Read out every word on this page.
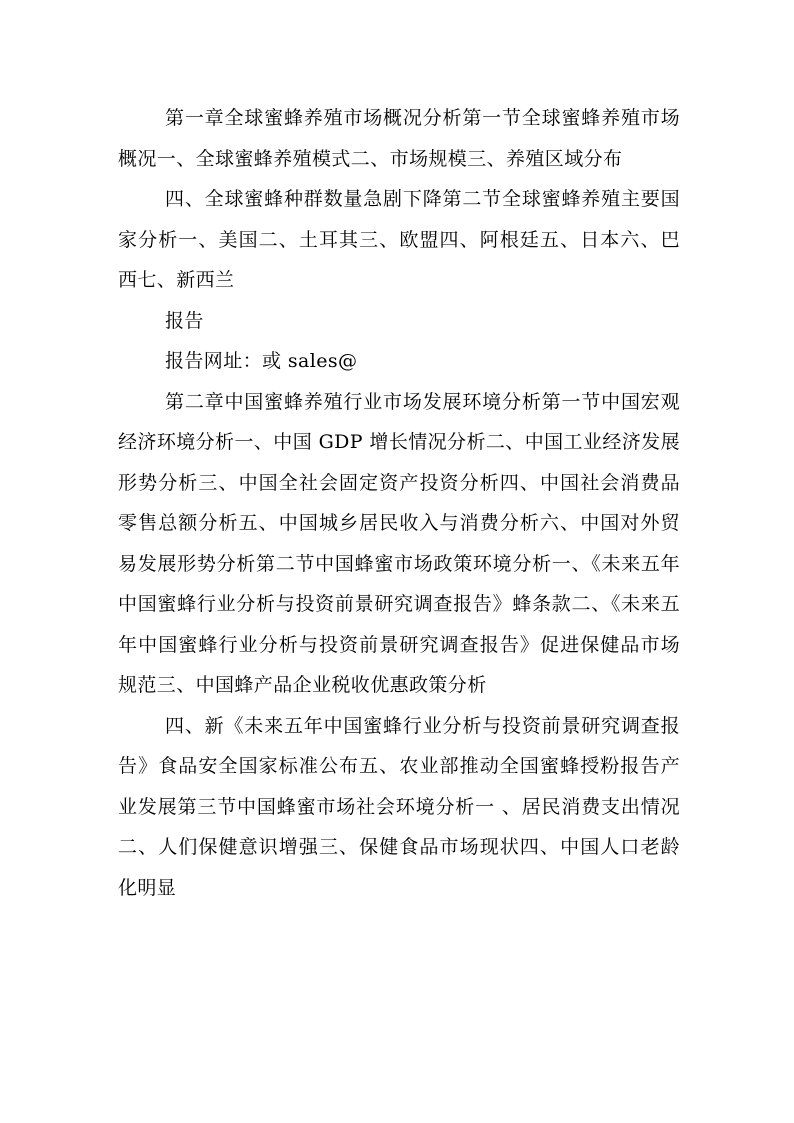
第一章全球蜜蜂养殖市场概况分析第一节全球蜜蜂养殖市场概况一、全球蜜蜂养殖模式二、市场规模三、养殖区域分布

四、全球蜜蜂种群数量急剧下降第二节全球蜜蜂养殖主要国家分析一、美国二、土耳其三、欧盟四、阿根廷五、日本六、巴西七、新西兰

报告

报告网址：或 sales@

第二章中国蜜蜂养殖行业市场发展环境分析第一节中国宏观经济环境分析一、中国 GDP 增长情况分析二、中国工业经济发展形势分析三、中国全社会固定资产投资分析四、中国社会消费品零售总额分析五、中国城乡居民收入与消费分析六、中国对外贸易发展形势分析第二节中国蜂蜜市场政策环境分析一、《未来五年中国蜜蜂行业分析与投资前景研究调查报告》蜂条款二、《未来五年中国蜜蜂行业分析与投资前景研究调查报告》促进保健品市场规范三、中国蜂产品企业税收优惠政策分析

四、新《未来五年中国蜜蜂行业分析与投资前景研究调查报告》食品安全国家标准公布五、农业部推动全国蜜蜂授粉报告产业发展第三节中国蜂蜜市场社会环境分析一 、居民消费支出情况二、人们保健意识增强三、保健食品市场现状四、中国人口老龄化明显
